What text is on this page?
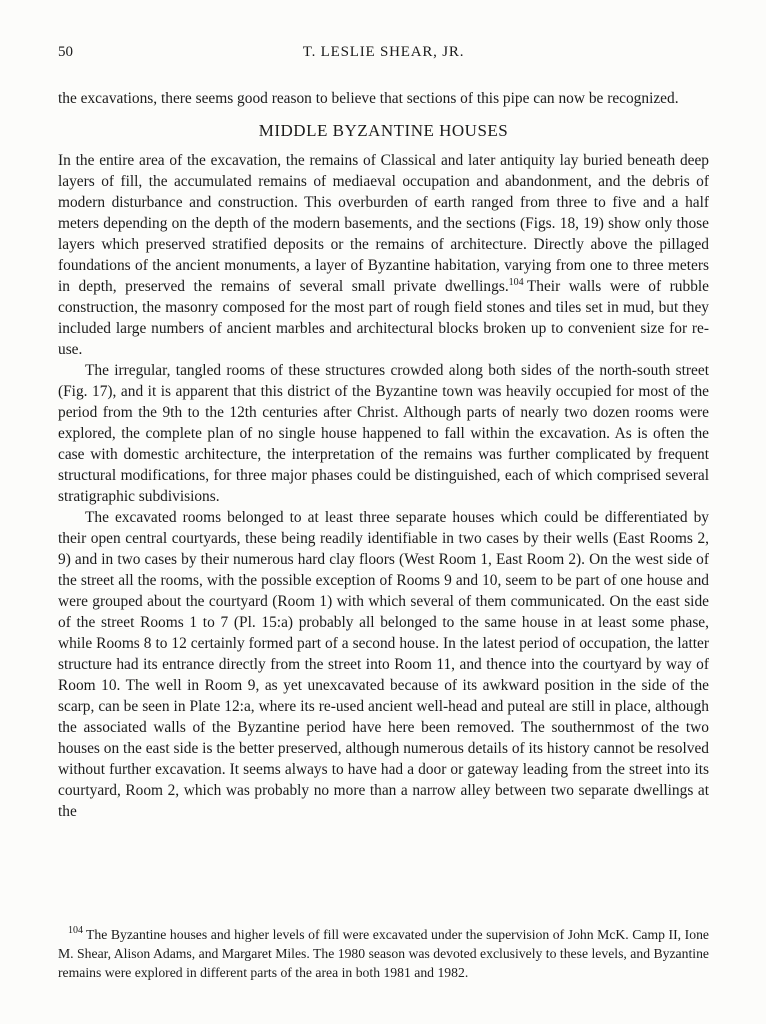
50	T. LESLIE SHEAR, JR.

the excavations, there seems good reason to believe that sections of this pipe can now be recognized.

MIDDLE BYZANTINE HOUSES

In the entire area of the excavation, the remains of Classical and later antiquity lay buried beneath deep layers of fill, the accumulated remains of mediaeval occupation and abandonment, and the debris of modern disturbance and construction. This overburden of earth ranged from three to five and a half meters depending on the depth of the modern basements, and the sections (Figs. 18, 19) show only those layers which preserved stratified deposits or the remains of architecture. Directly above the pillaged foundations of the ancient monuments, a layer of Byzantine habitation, varying from one to three meters in depth, preserved the remains of several small private dwellings.$^{104}$ Their walls were of rubble construction, the masonry composed for the most part of rough field stones and tiles set in mud, but they included large numbers of ancient marbles and architectural blocks broken up to convenient size for re-use.

The irregular, tangled rooms of these structures crowded along both sides of the north-south street (Fig. 17), and it is apparent that this district of the Byzantine town was heavily occupied for most of the period from the 9th to the 12th centuries after Christ. Although parts of nearly two dozen rooms were explored, the complete plan of no single house happened to fall within the excavation. As is often the case with domestic architecture, the interpretation of the remains was further complicated by frequent structural modifications, for three major phases could be distinguished, each of which comprised several stratigraphic subdivisions.

The excavated rooms belonged to at least three separate houses which could be differentiated by their open central courtyards, these being readily identifiable in two cases by their wells (East Rooms 2, 9) and in two cases by their numerous hard clay floors (West Room 1, East Room 2). On the west side of the street all the rooms, with the possible exception of Rooms 9 and 10, seem to be part of one house and were grouped about the courtyard (Room 1) with which several of them communicated. On the east side of the street Rooms 1 to 7 (Pl. 15:a) probably all belonged to the same house in at least some phase, while Rooms 8 to 12 certainly formed part of a second house. In the latest period of occupation, the latter structure had its entrance directly from the street into Room 11, and thence into the courtyard by way of Room 10. The well in Room 9, as yet unexcavated because of its awkward position in the side of the scarp, can be seen in Plate 12:a, where its re-used ancient well-head and puteal are still in place, although the associated walls of the Byzantine period have here been removed. The southernmost of the two houses on the east side is the better preserved, although numerous details of its history cannot be resolved without further excavation. It seems always to have had a door or gateway leading from the street into its courtyard, Room 2, which was probably no more than a narrow alley between two separate dwellings at the

$^{104}$ The Byzantine houses and higher levels of fill were excavated under the supervision of John McK. Camp II, Ione M. Shear, Alison Adams, and Margaret Miles. The 1980 season was devoted exclusively to these levels, and Byzantine remains were explored in different parts of the area in both 1981 and 1982.
